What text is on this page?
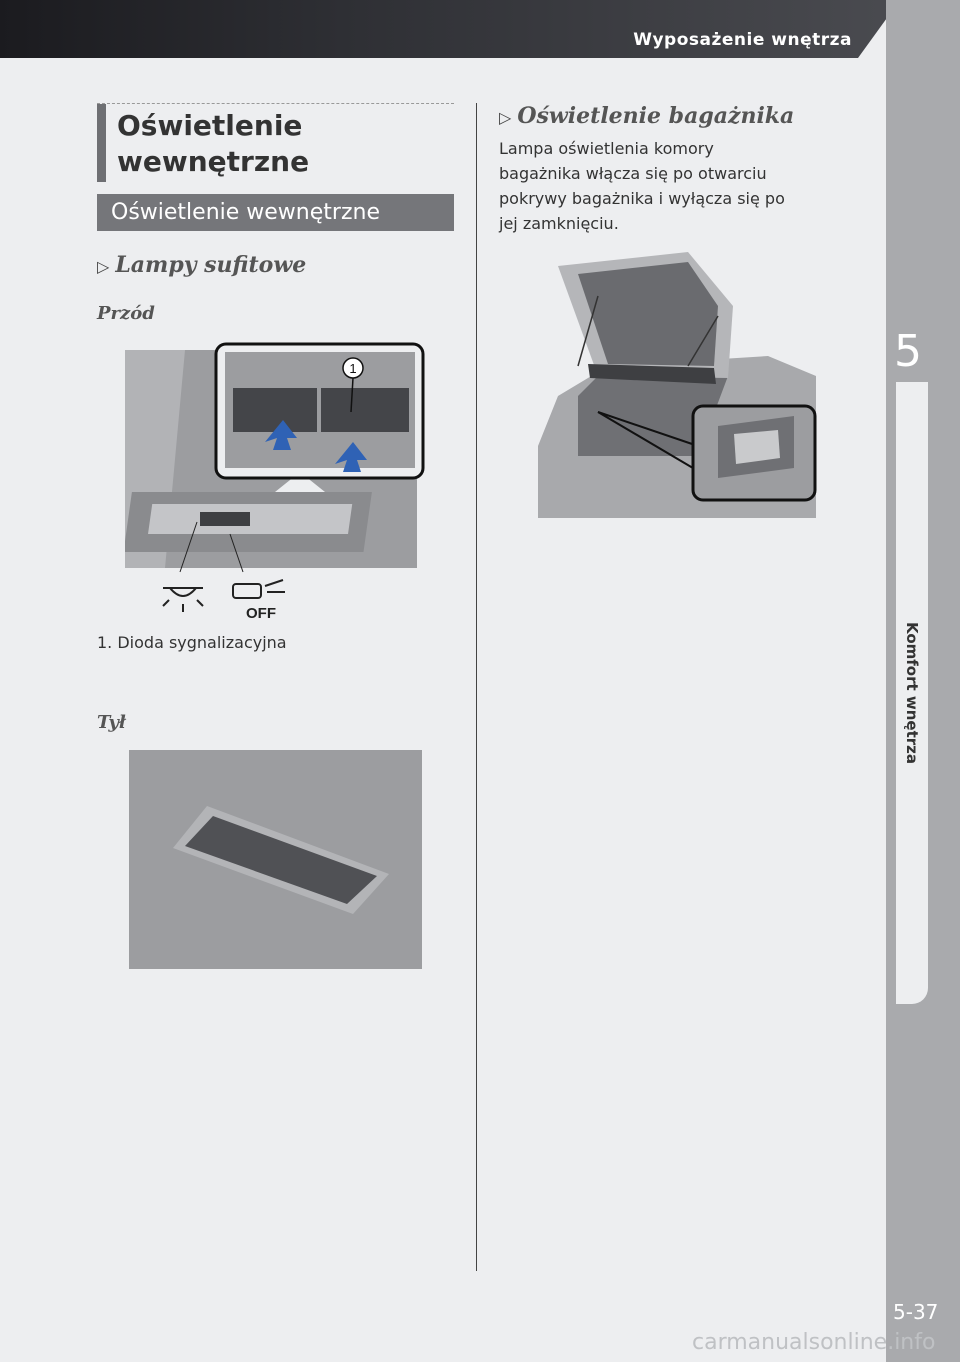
Wyposażenie wnętrza
5
Komfort wnętrza
5-37
Oświetlenie
wewnętrzne
Oświetlenie wewnętrzne
▷ Lampy sufitowe
Przód
1
OFF
1. Dioda sygnalizacyjna
Tył
▷ Oświetlenie bagażnika
Lampa oświetlenia komory
bagażnika włącza się po otwarciu
pokrywy bagażnika i wyłącza się po
jej zamknięciu.
carmanualsonline.info
